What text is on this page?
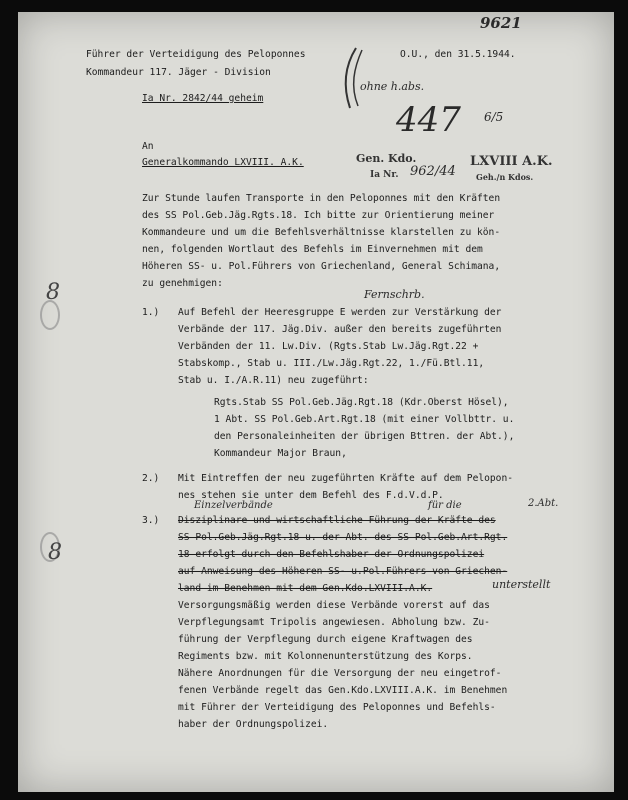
9621
Führer der Verteidigung des Peloponnes
Kommandeur 117. Jäger - Division
O.U., den 31.5.1944.
Ia Nr. 2842/44 geheim
ohne h.abs.
447 6/5
An
Generalkommando LXVIII. A.K.	Gen. Kdo.
Ia Nr. 962/44
LXVIII A.K.
Geh./n Kdos.
Zur Stunde laufen Transporte in den Peloponnes mit den Kräften
des SS Pol.Geb.Jäg.Rgts.18. Ich bitte zur Orientierung meiner
Kommandeure und um die Befehlsverhältnisse klarstellen zu kön-
nen, folgenden Wortlaut des Befehls im Einvernehmen mit dem
Höheren SS- u. Pol.Führers von Griechenland, General Schimana,
zu genehmigen:
Fernschrb.
8
1.) Auf Befehl der Heeresgruppe E werden zur Verstärkung der
Verbände der 117. Jäg.Div. außer den bereits zugeführten
Verbänden der 11. Lw.Div. (Rgts.Stab Lw.Jäg.Rgt.22 +
Stabskomp., Stab u. III./Lw.Jäg.Rgt.22, 1./Fü.Btl.11,
Stab u. I./A.R.11) neu zugeführt:
Rgts.Stab SS Pol.Geb.Jäg.Rgt.18 (Kdr.Oberst Hösel),
1 Abt. SS Pol.Geb.Art.Rgt.18 (mit einer Vollbttr. u.
den Personaleinheiten der übrigen Bttren. der Abt.),
Kommandeur Major Braun,
2.) Mit Eintreffen der neu zugeführten Kräfte auf dem Pelopon-
nes stehen sie unter dem Befehl des F.d.V.d.P.
Einzelverbände	für die	2.Abt.
3.) Disziplinare und wirtschaftliche Führung der Kräfte des
SS Pol.Geb.Jäg.Rgt.18 u. der Abt. des SS Pol.Geb.Art.Rgt.
18 erfolgt durch den Befehlshaber der Ordnungspolizei
auf Anweisung des Höheren SS- u.Pol.Führers von Griechen-
land im Benehmen mit dem Gen.Kdo.LXVIII.A.K.	unterstellt
8
Versorgungsmäßig werden diese Verbände vorerst auf das
Verpflegungsamt Tripolis angewiesen. Abholung bzw. Zu-
führung der Verpflegung durch eigene Kraftwagen des
Regiments bzw. mit Kolonnenunterstützung des Korps.
Nähere Anordnungen für die Versorgung der neu eingetrof-
fenen Verbände regelt das Gen.Kdo.LXVIII.A.K. im Benehmen
mit Führer der Verteidigung des Peloponnes und Befehls-
haber der Ordnungspolizei.
